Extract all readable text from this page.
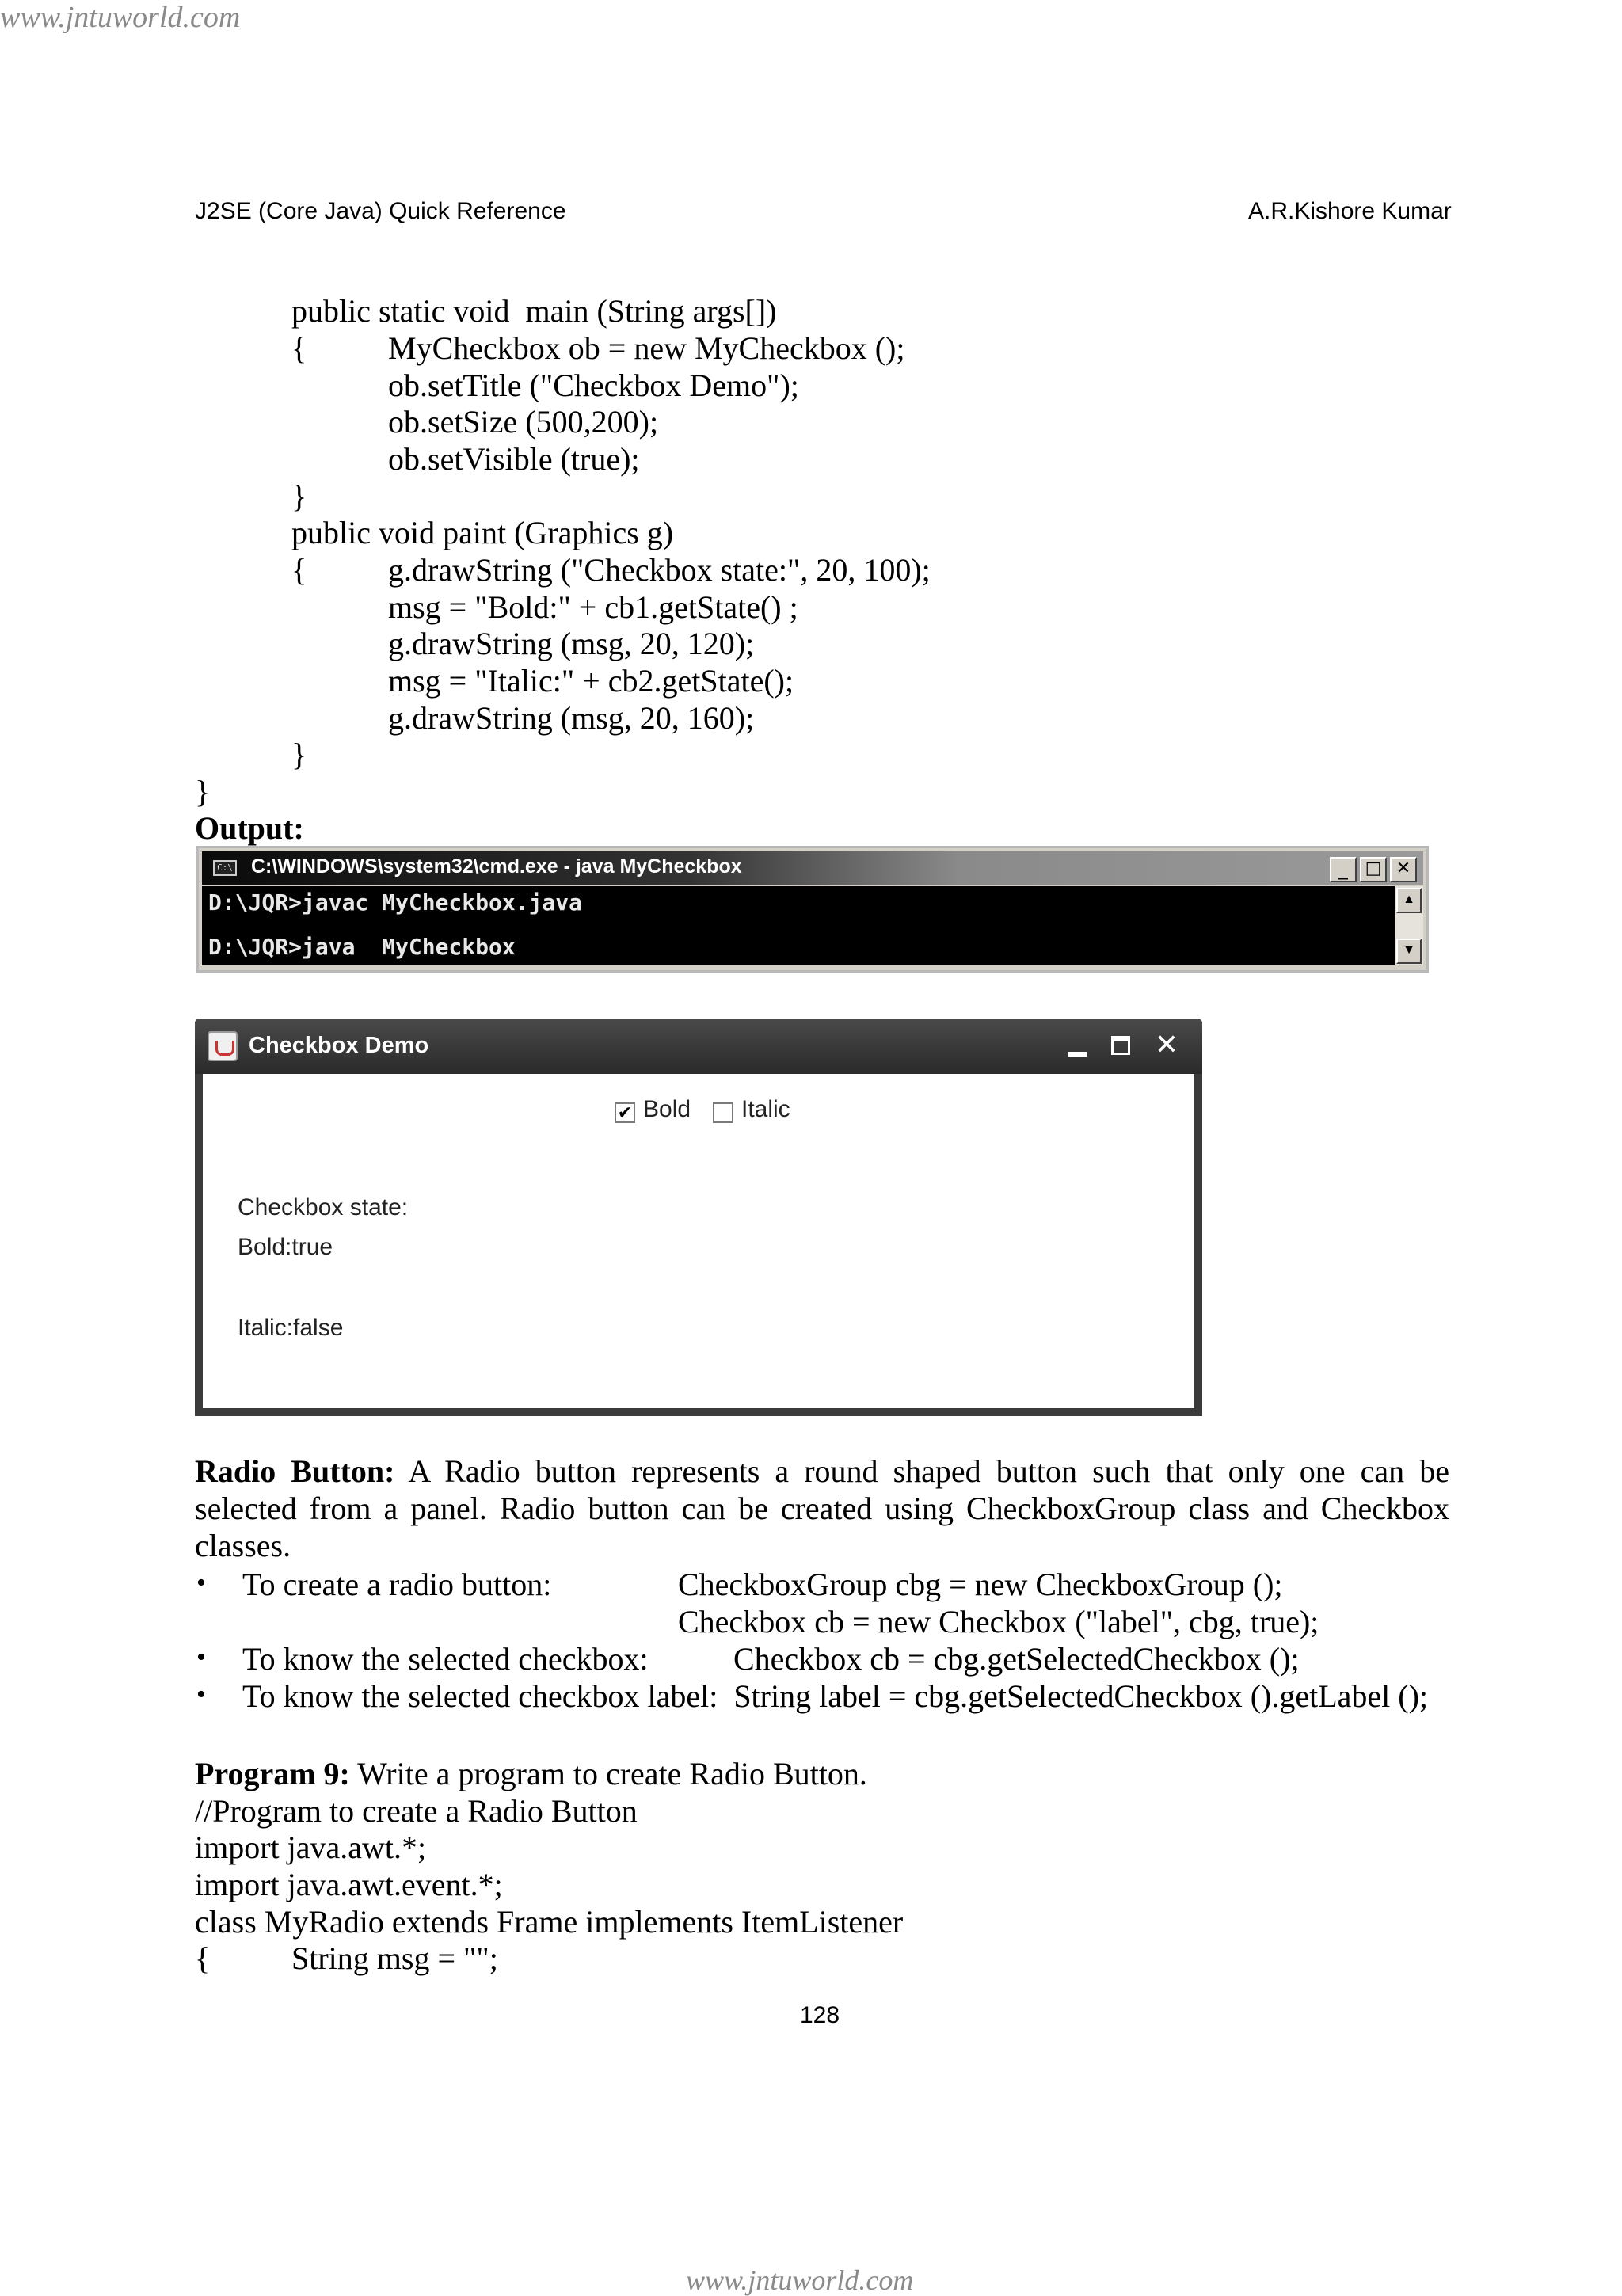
www.jntuworld.com
J2SE (Core Java) Quick Reference	A.R.Kishore Kumar
public static void  main (String args[])
{	MyCheckbox ob = new MyCheckbox ();
ob.setTitle ("Checkbox Demo");
ob.setSize (500,200);
ob.setVisible (true);
}
public void paint (Graphics g)
{	g.drawString ("Checkbox state:", 20, 100);
msg = "Bold:" + cb1.getState() ;
g.drawString (msg, 20, 120);
msg = "Italic:" + cb2.getState();
g.drawString (msg, 20, 160);
}
}
Output:
C:\ C:\WINDOWS\system32\cmd.exe - java MyCheckbox	_ □ ✕
D:\JQR>javac MyCheckbox.java
D:\JQR>java  MyCheckbox
▲
▼
Checkbox Demo	✕
✔ Bold Italic
Checkbox state:
Bold:true
Italic:false
Radio Button: A Radio button represents a round shaped button such that only one can be selected from a panel. Radio button can be created using CheckboxGroup class and Checkbox classes.
• To create a radio button:	CheckboxGroup cbg = new CheckboxGroup ();
Checkbox cb = new Checkbox ("label", cbg, true);
• To know the selected checkbox:	Checkbox cb = cbg.getSelectedCheckbox ();
• To know the selected checkbox label:  String label = cbg.getSelectedCheckbox ().getLabel ();
Program 9: Write a program to create Radio Button.
//Program to create a Radio Button
import java.awt.*;
import java.awt.event.*;
class MyRadio extends Frame implements ItemListener
{	String msg = "";
128
www.jntuworld.com
